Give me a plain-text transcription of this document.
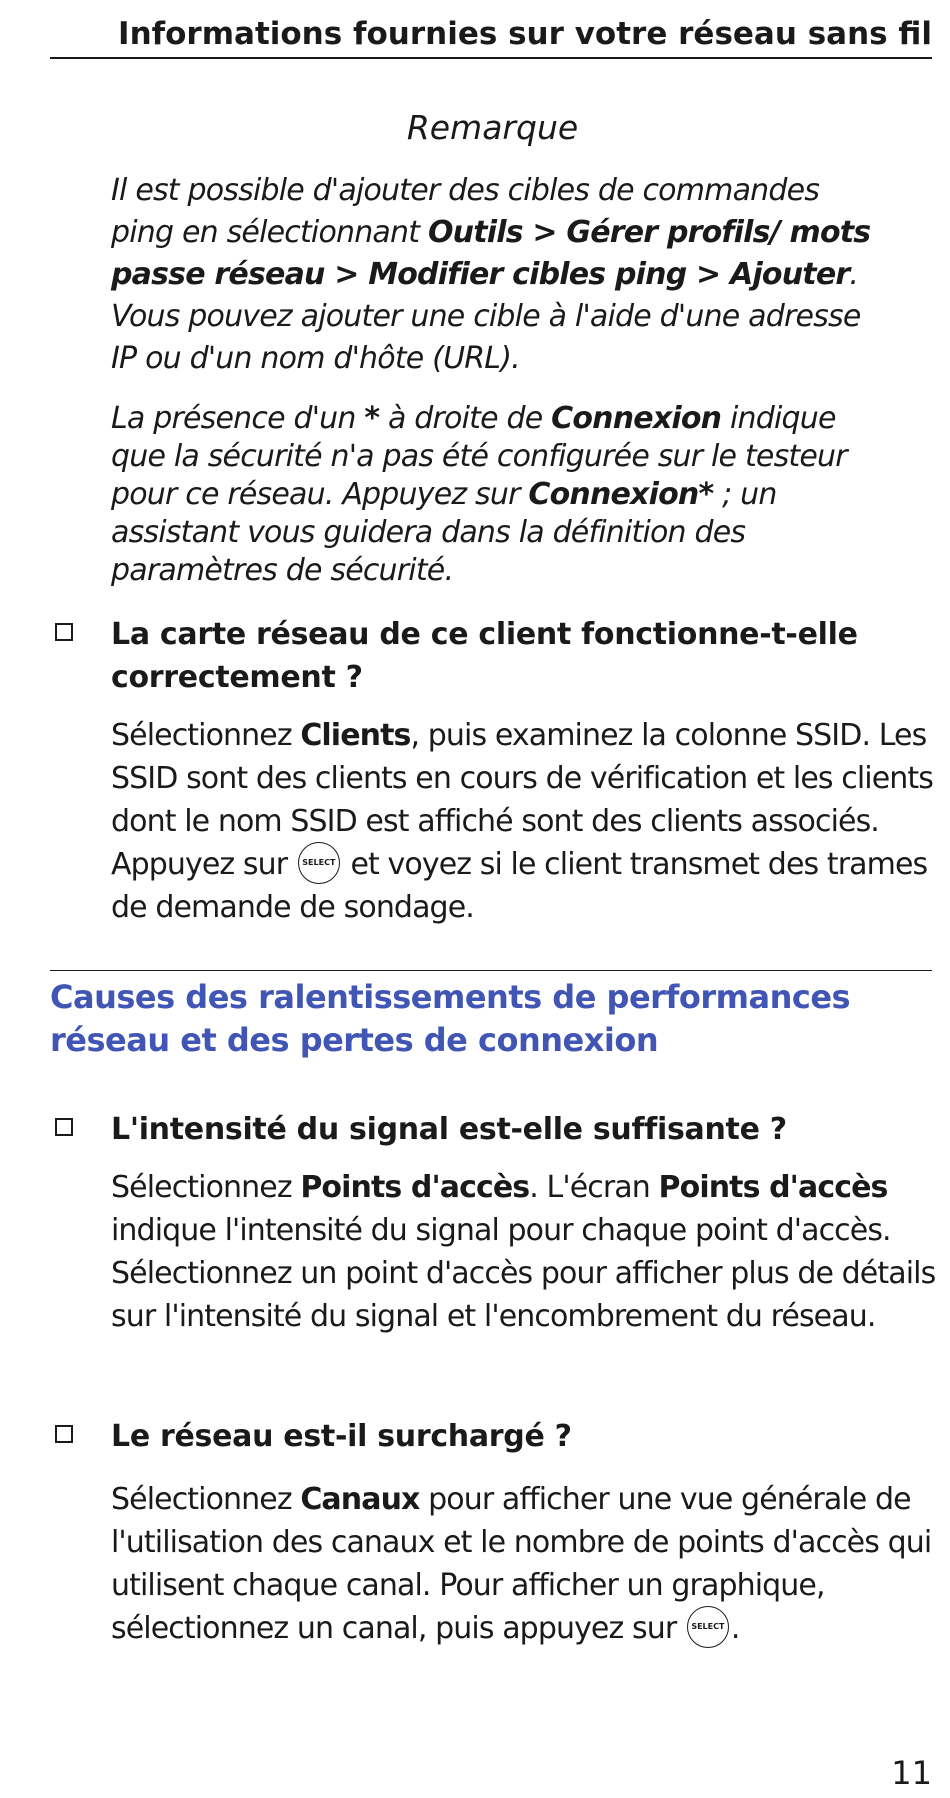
Informations fournies sur votre réseau sans fil
Remarque
Il est possible d'ajouter des cibles de commandes ping en sélectionnant Outils > Gérer profils/ mots passe réseau > Modifier cibles ping > Ajouter. Vous pouvez ajouter une cible à l'aide d'une adresse IP ou d'un nom d'hôte (URL).
La présence d'un * à droite de Connexion indique que la sécurité n'a pas été configurée sur le testeur pour ce réseau. Appuyez sur Connexion* ; un assistant vous guidera dans la définition des paramètres de sécurité.
La carte réseau de ce client fonctionne-t-elle correctement ?
Sélectionnez Clients, puis examinez la colonne SSID. Les SSID sont des clients en cours de vérification et les clients dont le nom SSID est affiché sont des clients associés. Appuyez sur SELECT et voyez si le client transmet des trames de demande de sondage.
Causes des ralentissements de performances réseau et des pertes de connexion
L'intensité du signal est-elle suffisante ?
Sélectionnez Points d'accès. L'écran Points d'accès indique l'intensité du signal pour chaque point d'accès. Sélectionnez un point d'accès pour afficher plus de détails sur l'intensité du signal et l'encombrement du réseau.
Le réseau est-il surchargé ?
Sélectionnez Canaux pour afficher une vue générale de l'utilisation des canaux et le nombre de points d'accès qui utilisent chaque canal. Pour afficher un graphique, sélectionnez un canal, puis appuyez sur SELECT .
11
